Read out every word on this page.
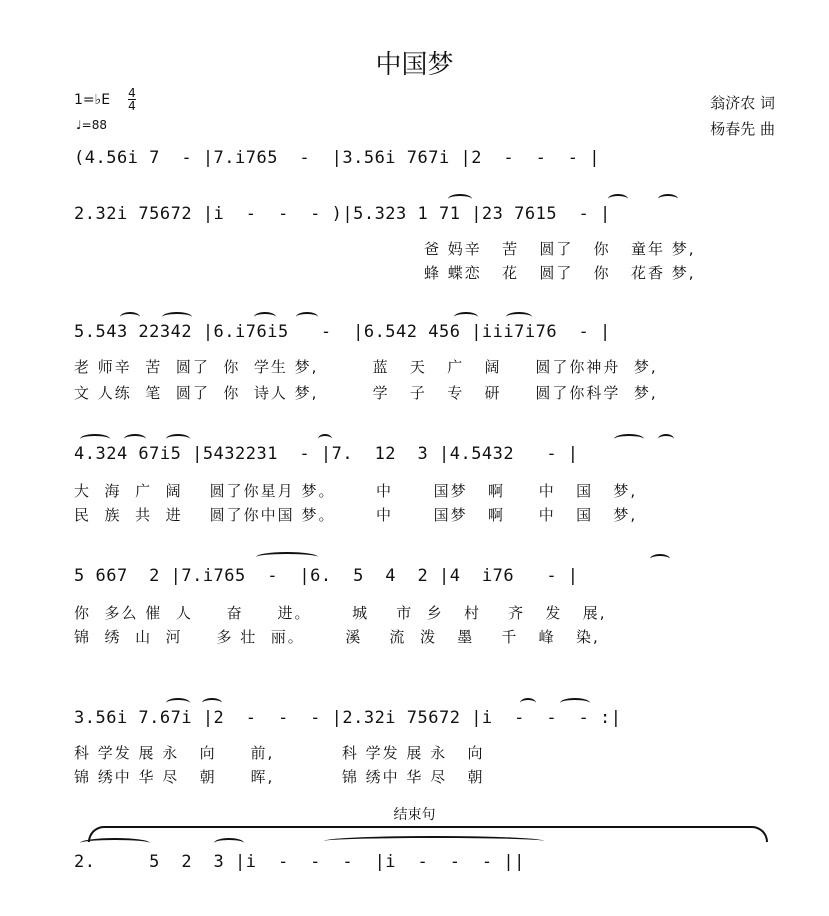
中国梦
1=♭E 4
4
♩=88
翁济农 词
杨春先 曲
(4.56i 7  - |7.i765  -  |3.56i 767i |2  -  -  - |
2.32i 75672 |i  -  -  - )|5.323 1 71 |23 7615  - |
爸 妈辛   苦   圆了   你   童年 梦,
蜂 蝶恋   花   圆了   你   花香 梦,
5.543 22342 |6.i76i5   -  |6.542 456 |iii7i76  - |
老 师辛  苦  圆了  你  学生 梦,        蓝   天   广   阔     圆了你神舟  梦,
文 人练  笔  圆了  你  诗人 梦,        学   子   专   研     圆了你科学  梦,
4.324 67i5 |5432231  - |7.  12  3 |4.5432   - |
大  海  广  阔    圆了你星月 梦。      中      国梦   啊     中   国   梦,
民  族  共  进    圆了你中国 梦。      中      国梦   啊     中   国   梦,
5 667  2 |7.i765  -  |6.  5  4  2 |4  i76   - |
你  多么 催  人     奋     进。      城    市  乡   村    齐   发   展,
锦  绣  山  河     多 壮  丽。      溪    流  泼   墨    千   峰   染,
3.56i 7.67i |2  -  -  - |2.32i 75672 |i  -  -  - :|
科 学发 展 永   向     前,          科 学发 展 永   向
锦 绣中 华 尽   朝     晖,          锦 绣中 华 尽   朝
结束句
2.     5  2  3 |i  -  -  -  |i  -  -  - ||
